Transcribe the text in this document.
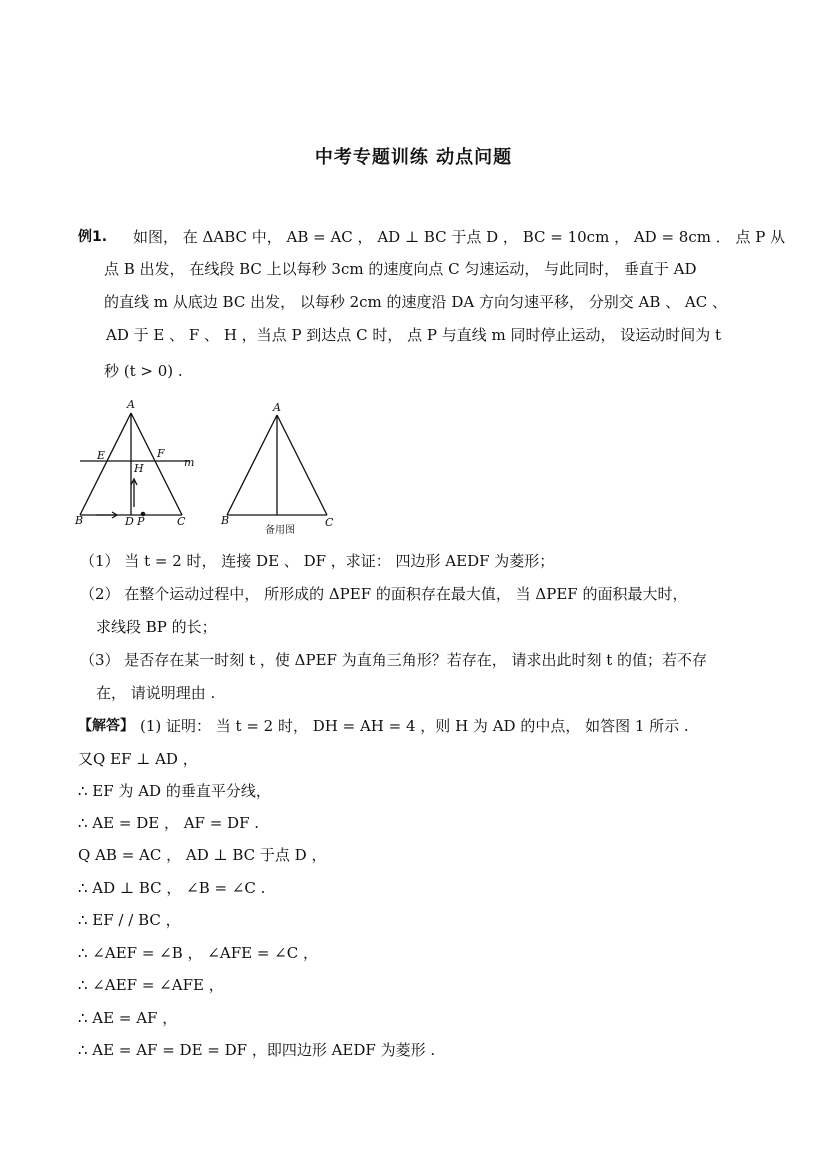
中考专题训练 动点问题
例1. 如图， 在 ΔABC 中， AB = AC ， AD ⊥ BC 于点 D ， BC = 10cm ， AD = 8cm ． 点 P 从
点 B 出发， 在线段 BC 上以每秒 3cm 的速度向点 C 匀速运动， 与此同时， 垂直于 AD
的直线 m 从底边 BC 出发， 以每秒 2cm 的速度沿 DA 方向匀速平移， 分别交 AB 、 AC 、
AD 于 E 、 F 、 H ，当点 P 到达点 C 时， 点 P 与直线 m 同时停止运动， 设运动时间为 t
秒 (t > 0) .
A
E	F
H	m
B	D P	C
A
B	C
备用图
（1） 当 t = 2 时， 连接 DE 、 DF ，求证： 四边形 AEDF 为菱形；
（2） 在整个运动过程中， 所形成的 ΔPEF 的面积存在最大值， 当 ΔPEF 的面积最大时，
求线段 BP 的长；
（3） 是否存在某一时刻 t ，使 ΔPEF 为直角三角形？若存在， 请求出此时刻 t 的值；若不存
在， 请说明理由 .
【解答】 (1) 证明： 当 t = 2 时， DH = AH = 4 ，则 H 为 AD 的中点， 如答图 1 所示 .
又Q EF ⊥ AD ，
∴ EF 为 AD 的垂直平分线，
∴ AE = DE ， AF = DF .
Q AB = AC ， AD ⊥ BC 于点 D ，
∴ AD ⊥ BC ， ∠B = ∠C .
∴ EF / / BC ，
∴ ∠AEF = ∠B ， ∠AFE = ∠C ，
∴ ∠AEF = ∠AFE ，
∴ AE = AF ，
∴ AE = AF = DE = DF ，即四边形 AEDF 为菱形 .
